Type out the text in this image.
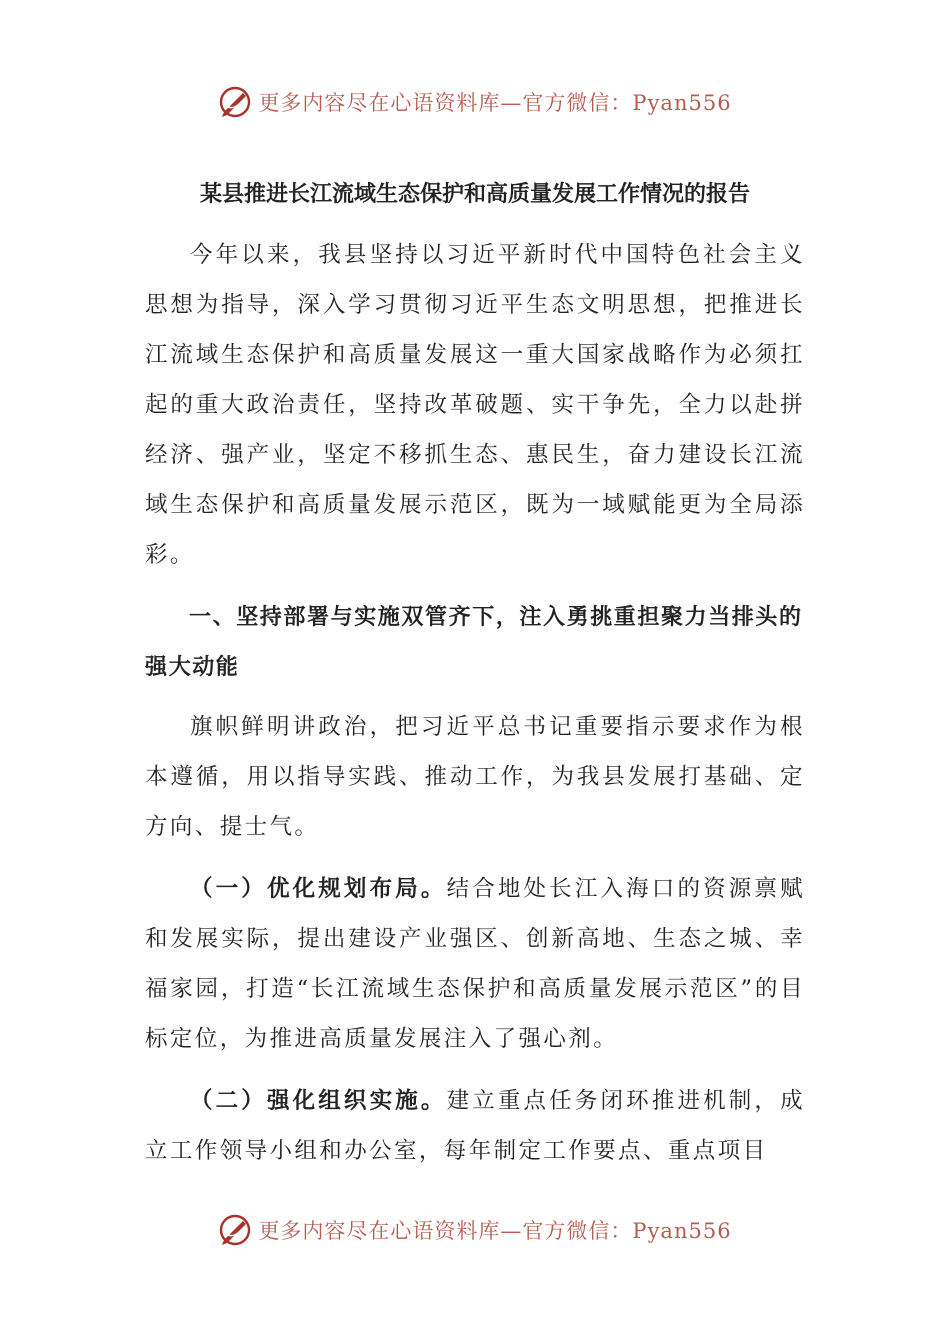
更多内容尽在心语资料库—官方微信：Pyan556
某县推进长江流域生态保护和高质量发展工作情况的报告

今年以来，我县坚持以习近平新时代中国特色社会主义思想为指导，深入学习贯彻习近平生态文明思想，把推进长江流域生态保护和高质量发展这一重大国家战略作为必须扛起的重大政治责任，坚持改革破题、实干争先，全力以赴拼经济、强产业，坚定不移抓生态、惠民生，奋力建设长江流域生态保护和高质量发展示范区，既为一域赋能更为全局添彩。

一、坚持部署与实施双管齐下，注入勇挑重担聚力当排头的强大动能

旗帜鲜明讲政治，把习近平总书记重要指示要求作为根本遵循，用以指导实践、推动工作，为我县发展打基础、定方向、提士气。

（一）优化规划布局。结合地处长江入海口的资源禀赋和发展实际，提出建设产业强区、创新高地、生态之城、幸福家园，打造“长江流域生态保护和高质量发展示范区”的目标定位，为推进高质量发展注入了强心剂。

（二）强化组织实施。建立重点任务闭环推进机制，成立工作领导小组和办公室，每年制定工作要点、重点项目

更多内容尽在心语资料库—官方微信：Pyan556
